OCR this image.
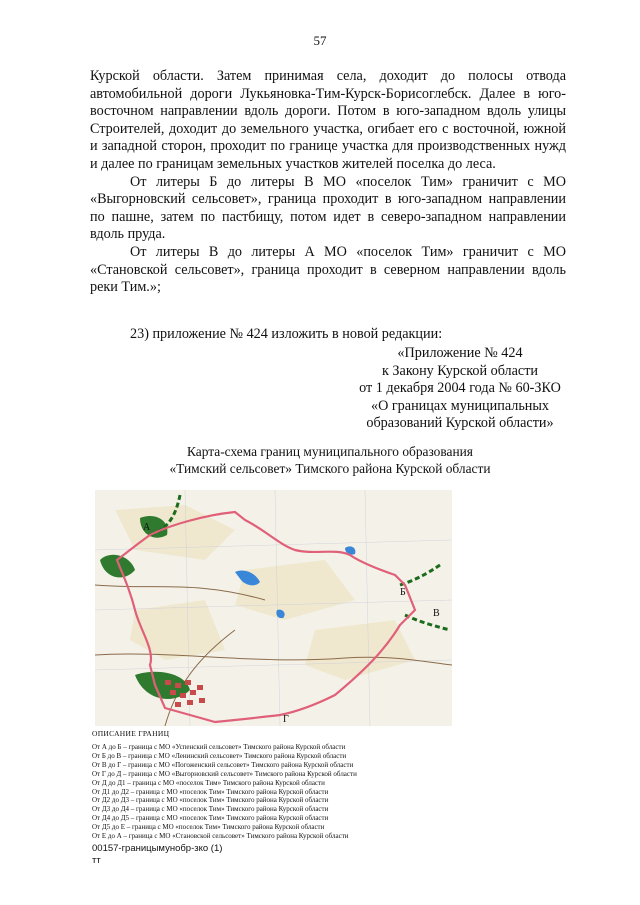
57

Курской области. Затем принимая села, доходит до полосы отвода автомобильной дороги Лукьяновка-Тим-Курск-Борисоглебск. Далее в юго-восточном направлении вдоль дороги. Потом в юго-западном вдоль улицы Строителей, доходит до земельного участка, огибает его с восточной, южной и западной сторон, проходит по границе участка для производственных нужд и далее по границам земельных участков жителей поселка до леса.

От литеры Б до литеры В МО «поселок Тим» граничит с МО «Выгорновский сельсовет», граница проходит в юго-западном направлении по пашне, затем по пастбищу, потом идет в северо-западном направлении вдоль пруда.

От литеры В до литеры А МО «поселок Тим» граничит с МО «Становской сельсовет», граница проходит в северном направлении вдоль реки Тим.»;

23) приложение № 424 изложить в новой редакции:
«Приложение № 424
к Закону Курской области
от 1 декабря 2004 года № 60-ЗКО
«О границах муниципальных
образований Курской области»
Карта-схема границ муниципального образования
«Тимский сельсовет» Тимского района Курской области
А
Б
В
Г
ОПИСАНИЕ ГРАНИЦ
От А до Б – граница с МО «Успенский сельсовет» Тимского района Курской области
От Б до В – граница с МО «Ленинский сельсовет» Тимского района Курской области
От В до Г – граница с МО «Погоженский сельсовет» Тимского района Курской области
От Г до Д – граница с МО «Выгорновский сельсовет» Тимского района Курской области
От Д до Д1 – граница с МО «поселок Тим» Тимского района Курской области
От Д1 до Д2 – граница с МО «поселок Тим» Тимского района Курской области
От Д2 до Д3 – граница с МО «поселок Тим» Тимского района Курской области
От Д3 до Д4 – граница с МО «поселок Тим» Тимского района Курской области
От Д4 до Д5 – граница с МО «поселок Тим» Тимского района Курской области
От Д5 до Е – граница с МО «поселок Тим» Тимского района Курской области
От Е до А – граница с МО «Становской сельсовет» Тимского района Курской области
00157-границымунобр-зко (1)
тт
